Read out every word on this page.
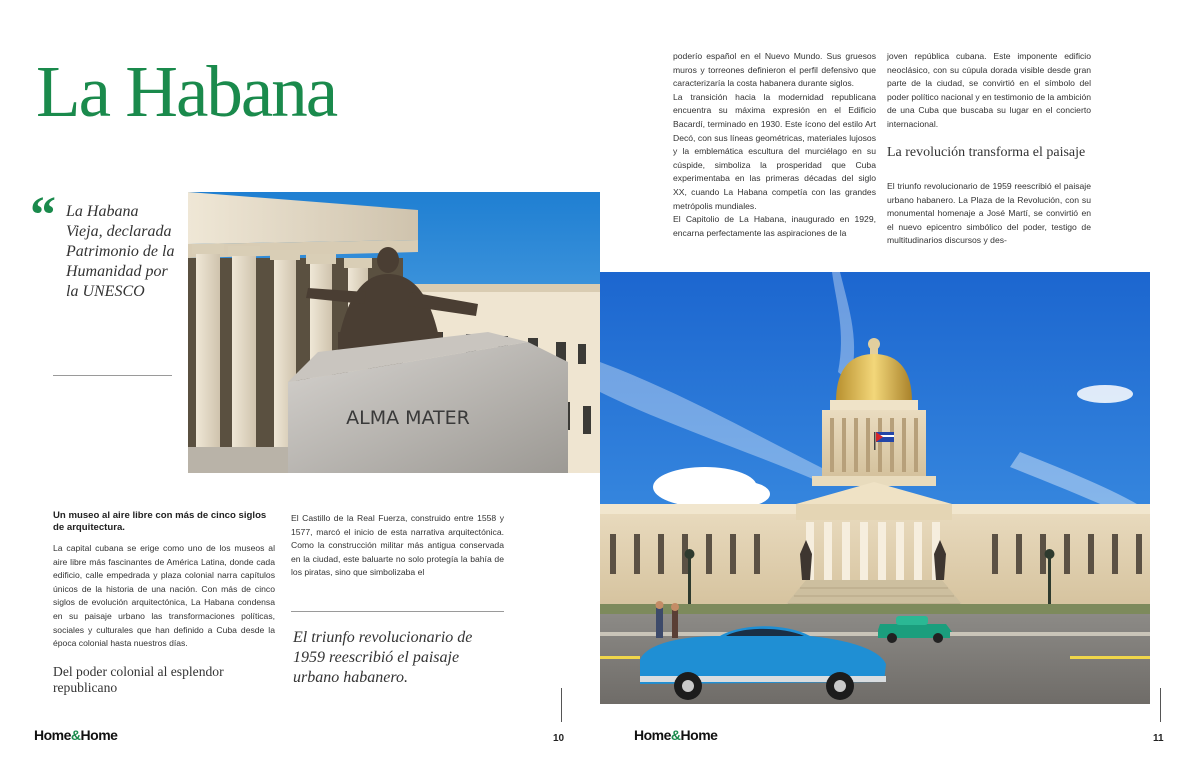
La Habana
“ La Habana Vieja, declarada Patrimonio de la Humanidad por la UNESCO
ALMA MATER
Un museo al aire libre con más de cinco siglos de arquitectura.

La capital cubana se erige como uno de los museos al aire libre más fascinantes de América Latina, donde cada edificio, calle empedrada y plaza colonial narra capítulos únicos de la historia de una nación. Con más de cinco siglos de evolución arquitectónica, La Habana condensa en su paisaje urbano las transformaciones políticas, sociales y culturales que han definido a Cuba desde la época colonial hasta nuestros días.

Del poder colonial al esplendor republicano

El Castillo de la Real Fuerza, construido entre 1558 y 1577, marcó el inicio de esta narrativa arquitectónica. Como la construcción militar más antigua conservada en la ciudad, este baluarte no solo protegía la bahía de los piratas, sino que simbolizaba el

El triunfo revolucionario de 1959 reescribió el paisaje urbano habanero.
Home&Home	10

poderío español en el Nuevo Mundo. Sus gruesos muros y torreones definieron el perfil defensivo que caracterizaría la costa habanera durante siglos.

La transición hacia la modernidad republicana encuentra su máxima expresión en el Edificio Bacardí, terminado en 1930. Este ícono del estilo Art Decó, con sus líneas geométricas, materiales lujosos y la emblemática escultura del murciélago en su cúspide, simboliza la prosperidad que Cuba experimentaba en las primeras décadas del siglo XX, cuando La Habana competía con las grandes metrópolis mundiales.

El Capitolio de La Habana, inaugurado en 1929, encarna perfectamente las aspiraciones de la

joven república cubana. Este imponente edificio neoclásico, con su cúpula dorada visible desde gran parte de la ciudad, se convirtió en el símbolo del poder político nacional y en testimonio de la ambición de una Cuba que buscaba su lugar en el concierto internacional.

La revolución transforma el paisaje

El triunfo revolucionario de 1959 reescribió el paisaje urbano habanero. La Plaza de la Revolución, con su monumental homenaje a José Martí, se convirtió en el nuevo epicentro simbólico del poder, testigo de multitudinarios discursos y des-

Home&Home	11
